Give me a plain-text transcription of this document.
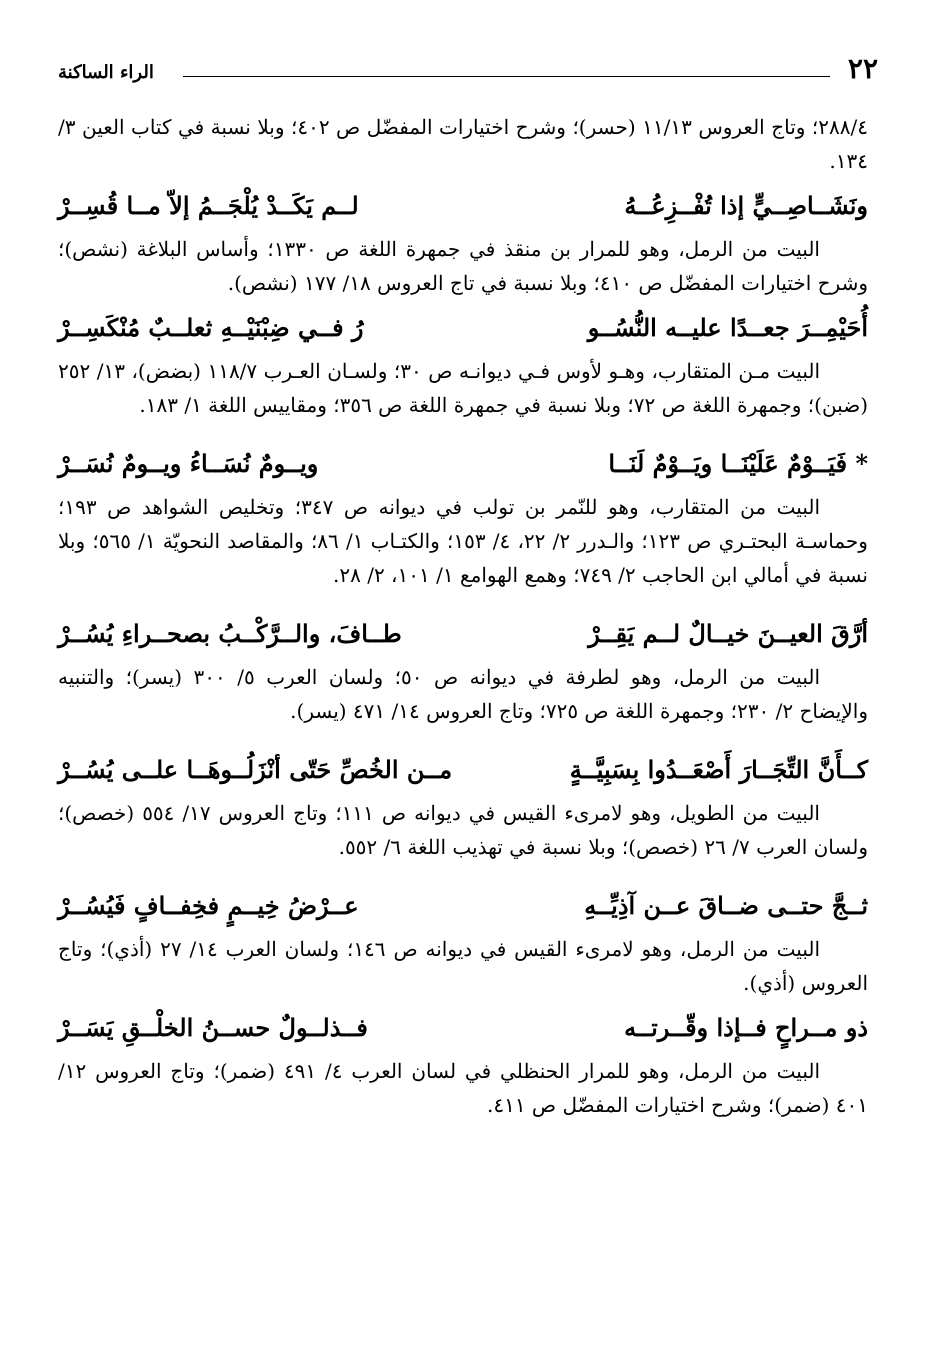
٢٢
الراء الساكنة

٢٨٨/٤؛ وتاج العروس ١١/١٣ (حسر)؛ وشرح اختيارات المفضّل ص ٤٠٢؛ وبلا نسبة في كتاب العين ٣/ ١٣٤.

ونَشَــاصِــيٍّ إذا تُفْــزِعُــهُ
لــم يَكَــدْ يُلْجَــمُ إلاّ مــا قُسِــرْ

البيت من الرمل، وهو للمرار بن منقذ في جمهرة اللغة ص ١٣٣٠؛ وأساس البلاغة (نشص)؛ وشرح اختيارات المفضّل ص ٤١٠؛ وبلا نسبة في تاج العروس ١٨/ ١٧٧ (نشص).

أُحَيْمِــرَ جعــدًا عليــه النُّسُــو
رُ فــي ضِبْنَيْــهِ ثعلــبٌ مُنْكَسِــرْ

البيت مـن المتقارب، وهـو لأوس فـي ديوانـه ص ٣٠؛ ولسـان العـرب ١١٨/٧ (بضض)، ١٣/ ٢٥٢ (ضبن)؛ وجمهرة اللغة ص ٧٢؛ وبلا نسبة في جمهرة اللغة ص ٣٥٦؛ ومقاييس اللغة ١/ ١٨٣.

* فَيَــوْمٌ عَلَيْنَــا ويَــوْمٌ لَنَــا
ويــومٌ نُسَــاءُ ويــومٌ نُسَــرْ

البيت من المتقارب، وهو للنّمر بن تولب في ديوانه ص ٣٤٧؛ وتخليص الشواهد ص ١٩٣؛ وحماسـة البحتـري ص ١٢٣؛ والـدرر ٢/ ٢٢، ٤/ ١٥٣؛ والكتـاب ١/ ٨٦؛ والمقاصد النحويّة ١/ ٥٦٥؛ وبلا نسبة في أمالي ابن الحاجب ٢/ ٧٤٩؛ وهمع الهوامع ١/ ١٠١، ٢/ ٢٨.

أرَّقَ العيــنَ خيــالٌ لــم يَقِــرْ
طــافَ، والــرَّكْــبُ بصحــراءِ يُسُــرْ

البيت من الرمل، وهو لطرفة في ديوانه ص ٥٠؛ ولسان العرب ٥/ ٣٠٠ (يسر)؛ والتنبيه والإيضاح ٢/ ٢٣٠؛ وجمهرة اللغة ص ٧٢٥؛ وتاج العروس ١٤/ ٤٧١ (يسر).

كــأَنَّ التِّجَــارَ أَصْعَــدُوا بِسَبِيَّــةٍ
مــن الخُصِّ حَتّى أنْزَلُــوهَــا علــى يُسُــرْ

البيت من الطويل، وهو لامرىء القيس في ديوانه ص ١١١؛ وتاج العروس ١٧/ ٥٥٤ (خصص)؛ ولسان العرب ٧/ ٢٦ (خصص)؛ وبلا نسبة في تهذيب اللغة ٦/ ٥٥٢.

ثــجَّ حتــى ضــاقَ عــن آذِيِّــهِ
عــرْضُ خِيــمٍ فخِفــافٍ فَيُسُــرْ

البيت من الرمل، وهو لامرىء القيس في ديوانه ص ١٤٦؛ ولسان العرب ١٤/ ٢٧ (أذي)؛ وتاج العروس (أذي).

ذو مــراحٍ فــإذا وقّــرتــه
فــذلــولٌ حســنُ الخلْــقِ يَسَــرْ

البيت من الرمل، وهو للمرار الحنظلي في لسان العرب ٤/ ٤٩١ (ضمر)؛ وتاج العروس ١٢/ ٤٠١ (ضمر)؛ وشرح اختيارات المفضّل ص ٤١١.
